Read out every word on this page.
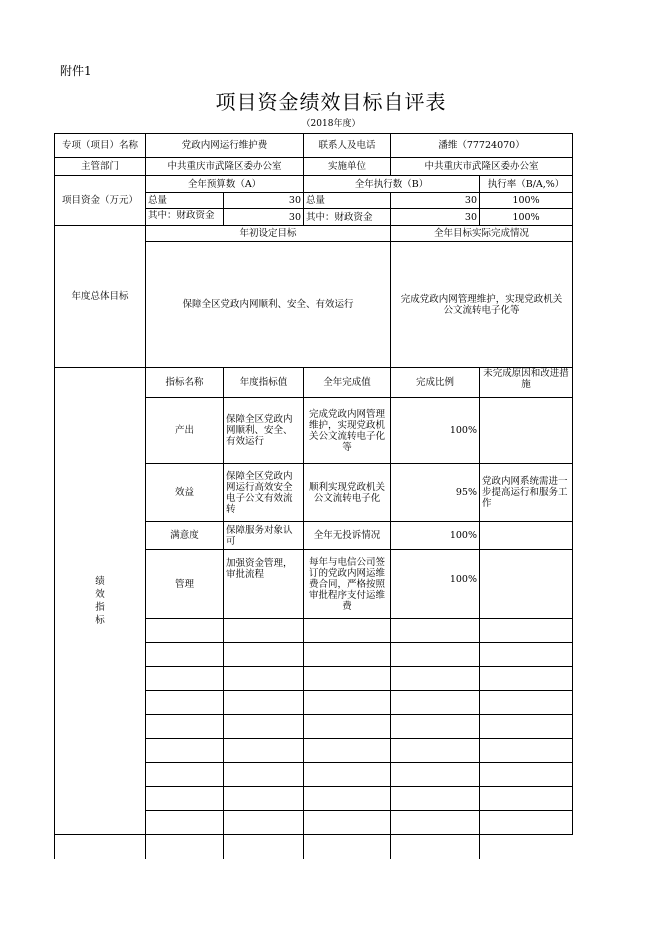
附件1
项目资金绩效目标自评表
（2018年度）
专项（项目）名称	党政内网运行维护费		联系人及电话	潘维（77724070）	
主管部门	中共重庆市武隆区委办公室		实施单位	中共重庆市武隆区委办公室	
项目资金（万元）	全年预算数（A）		全年执行数（B）		执行率（B/A,%）
	总量	30	总量	30	100%

	其中：财政资金	30	其中：财政资金	30	100%
年度总体目标	年初设定目标			全年目标实际完成情况	
	保障全区党政内网顺利、安全、有效运行			完成党政内网管理维护，实现党政机关公文流转电子化等	
绩效指标	指标名称	年度指标值	全年完成值	完成比例	未完成原因和改进措施

	产出	保障全区党政内网顺利、安全、有效运行	完成党政内网管理维护，实现党政机关公文流转电子化等	100%	
	效益	保障全区党政内网运行高效安全电子公文有效流转	顺利实现党政机关公文流转电子化	95%	党政内网系统需进一步提高运行和服务工作
	满意度	保障服务对象认可	全年无投诉情况	100%	
	管理	加强资金管理，审批流程	每年与电信公司签订的党政内网运维费合同，严格按照审批程序支付运维费	100%	
